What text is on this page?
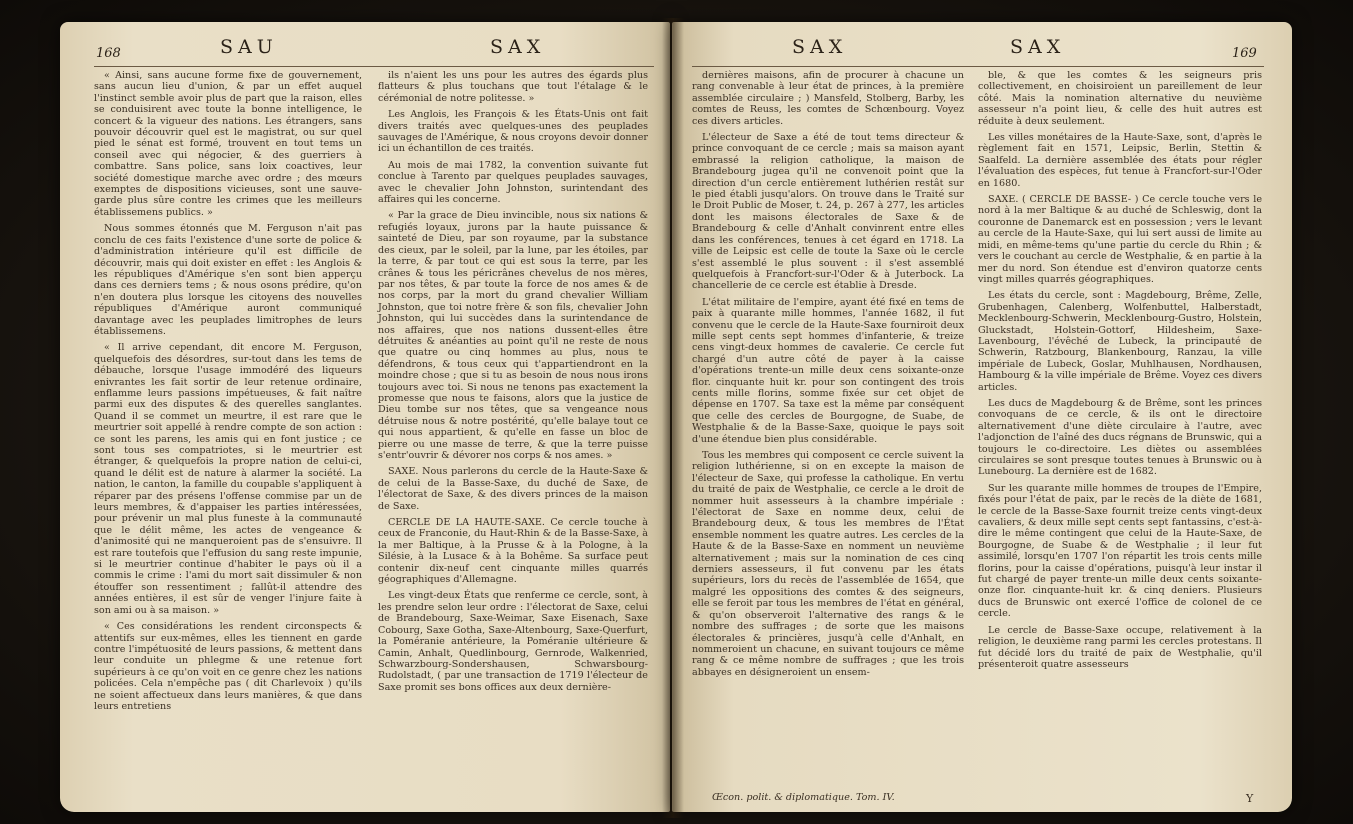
168	SAU	SAX

« Ainsi, sans aucune forme fixe de gouvernement, sans aucun lieu d'union, & par un effet auquel l'instinct semble avoir plus de part que la raison, elles se conduisirent avec toute la bonne intelligence, le concert & la vigueur des nations. Les étrangers, sans pouvoir découvrir quel est le magistrat, ou sur quel pied le sénat est formé, trouvent en tout tems un conseil avec qui négocier, & des guerriers à combattre. Sans police, sans loix coactives, leur société domestique marche avec ordre ; des mœurs exemptes de dispositions vicieuses, sont une sauve-garde plus sûre contre les crimes que les meilleurs établissemens publics. »

Nous sommes étonnés que M. Ferguson n'ait pas conclu de ces faits l'existence d'une sorte de police & d'administration intérieure qu'il est difficile de découvrir, mais qui doit exister en effet : les Anglois & les républiques d'Amérique s'en sont bien apperçu dans ces derniers tems ; & nous osons prédire, qu'on n'en doutera plus lorsque les citoyens des nouvelles républiques d'Amérique auront communiqué davantage avec les peuplades limitrophes de leurs établissemens.

« Il arrive cependant, dit encore M. Ferguson, quelquefois des désordres, sur-tout dans les tems de débauche, lorsque l'usage immodéré des liqueurs enivrantes les fait sortir de leur retenue ordinaire, enflamme leurs passions impétueuses, & fait naître parmi eux des disputes & des querelles sanglantes. Quand il se commet un meurtre, il est rare que le meurtrier soit appellé à rendre compte de son action : ce sont les parens, les amis qui en font justice ; ce sont tous ses compatriotes, si le meurtrier est étranger, & quelquefois la propre nation de celui-ci, quand le délit est de nature à alarmer la société. La nation, le canton, la famille du coupable s'appliquent à réparer par des présens l'offense commise par un de leurs membres, & d'appaiser les parties intéressées, pour prévenir un mal plus funeste à la communauté que le délit même, les actes de vengeance & d'animosité qui ne manqueroient pas de s'ensuivre. Il est rare toutefois que l'effusion du sang reste impunie, si le meurtrier continue d'habiter le pays où il a commis le crime : l'ami du mort sait dissimuler & non étouffer son ressentiment ; fallût-il attendre des années entières, il est sûr de venger l'injure faite à son ami ou à sa maison. »

« Ces considérations les rendent circonspects & attentifs sur eux-mêmes, elles les tiennent en garde contre l'impétuosité de leurs passions, & mettent dans leur conduite un phlegme & une retenue fort supérieurs à ce qu'on voit en ce genre chez les nations policées. Cela n'empêche pas ( dit Charlevoix ) qu'ils ne soient affectueux dans leurs manières, & que dans leurs entretiens

ils n'aient les uns pour les autres des égards plus flatteurs & plus touchans que tout l'étalage & le cérémonial de notre politesse. »

Les Anglois, les François & les États-Unis ont fait divers traités avec quelques-unes des peuplades sauvages de l'Amérique, & nous croyons devoir donner ici un échantillon de ces traités.

Au mois de mai 1782, la convention suivante fut conclue à Tarento par quelques peuplades sauvages, avec le chevalier John Johnston, surintendant des affaires qui les concerne.

« Par la grace de Dieu invincible, nous six nations & refugiés loyaux, jurons par la haute puissance & sainteté de Dieu, par son royaume, par la substance des cieux, par le soleil, par la lune, par les étoiles, par la terre, & par tout ce qui est sous la terre, par les crânes & tous les péricrânes chevelus de nos mères, par nos têtes, & par toute la force de nos ames & de nos corps, par la mort du grand chevalier William Johnston, que toi notre frère & son fils, chevalier John Johnston, qui lui succèdes dans la surintendance de nos affaires, que nos nations dussent-elles être détruites & anéanties au point qu'il ne reste de nous que quatre ou cinq hommes au plus, nous te défendrons, & tous ceux qui t'appartiendront en la moindre chose ; que si tu as besoin de nous nous irons toujours avec toi. Si nous ne tenons pas exactement la promesse que nous te faisons, alors que la justice de Dieu tombe sur nos têtes, que sa vengeance nous détruise nous & notre postérité, qu'elle balaye tout ce qui nous appartient, & qu'elle en fasse un bloc de pierre ou une masse de terre, & que la terre puisse s'entr'ouvrir & dévorer nos corps & nos ames. »

SAXE. Nous parlerons du cercle de la Haute-Saxe & de celui de la Basse-Saxe, du duché de Saxe, de l'électorat de Saxe, & des divers princes de la maison de Saxe.

CERCLE DE LA HAUTE-SAXE. Ce cercle touche à ceux de Franconie, du Haut-Rhin & de la Basse-Saxe, à la mer Baltique, à la Prusse & à la Pologne, à la Silésie, à la Lusace & à la Bohême. Sa surface peut contenir dix-neuf cent cinquante milles quarrés géographiques d'Allemagne.

Les vingt-deux États que renferme ce cercle, sont, à les prendre selon leur ordre : l'électorat de Saxe, celui de Brandebourg, Saxe-Weimar, Saxe Eisenach, Saxe Cobourg, Saxe Gotha, Saxe-Altenbourg, Saxe-Querfurt, la Poméranie antérieure, la Poméranie ultérieure & Camin, Anhalt, Quedlinbourg, Gernrode, Walkenried, Schwarzbourg-Sondershausen, Schwarsbourg-Rudolstadt, ( par une transaction de 1719 l'électeur de Saxe promit ses bons offices aux deux dernière-

SAX	SAX	169

dernières maisons, afin de procurer à chacune un rang convenable à leur état de princes, à la première assemblée circulaire ; ) Mansfeld, Stolberg, Barby, les comtes de Reuss, les comtes de Schœnbourg. Voyez ces divers articles.

L'électeur de Saxe a été de tout tems directeur & prince convoquant de ce cercle ; mais sa maison ayant embrassé la religion catholique, la maison de Brandebourg jugea qu'il ne convenoit point que la direction d'un cercle entièrement luthérien restât sur le pied établi jusqu'alors. On trouve dans le Traité sur le Droit Public de Moser, t. 24, p. 267 à 277, les articles dont les maisons électorales de Saxe & de Brandebourg & celle d'Anhalt convinrent entre elles dans les conférences, tenues à cet égard en 1718. La ville de Leipsic est celle de toute la Saxe où le cercle s'est assemblé le plus souvent : il s'est assemblé quelquefois à Francfort-sur-l'Oder & à Juterbock. La chancellerie de ce cercle est établie à Dresde.

L'état militaire de l'empire, ayant été fixé en tems de paix à quarante mille hommes, l'année 1682, il fut convenu que le cercle de la Haute-Saxe fourniroit deux mille sept cents sept hommes d'infanterie, & treize cens vingt-deux hommes de cavalerie. Ce cercle fut chargé d'un autre côté de payer à la caisse d'opérations trente-un mille deux cens soixante-onze flor. cinquante huit kr. pour son contingent des trois cents mille florins, somme fixée sur cet objet de dépense en 1707. Sa taxe est la même par conséquent que celle des cercles de Bourgogne, de Suabe, de Westphalie & de la Basse-Saxe, quoique le pays soit d'une étendue bien plus considérable.

Tous les membres qui composent ce cercle suivent la religion luthérienne, si on en excepte la maison de l'électeur de Saxe, qui professe la catholique. En vertu du traité de paix de Westphalie, ce cercle a le droit de nommer huit assesseurs à la chambre impériale : l'électorat de Saxe en nomme deux, celui de Brandebourg deux, & tous les membres de l'État ensemble nomment les quatre autres. Les cercles de la Haute & de la Basse-Saxe en nomment un neuvième alternativement ; mais sur la nomination de ces cinq derniers assesseurs, il fut convenu par les états supérieurs, lors du recès de l'assemblée de 1654, que malgré les oppositions des comtes & des seigneurs, elle se feroit par tous les membres de l'état en général, & qu'on observeroit l'alternative des rangs & le nombre des suffrages ; de sorte que les maisons électorales & princières, jusqu'à celle d'Anhalt, en nommeroient un chacune, en suivant toujours ce même rang & ce même nombre de suffrages ; que les trois abbayes en désigneroient un ensem-

ble, & que les comtes & les seigneurs pris collectivement, en choisiroient un pareillement de leur côté. Mais la nomination alternative du neuvième assesseur n'a point lieu, & celle des huit autres est réduite à deux seulement.

Les villes monétaires de la Haute-Saxe, sont, d'après le règlement fait en 1571, Leipsic, Berlin, Stettin & Saalfeld. La dernière assemblée des états pour régler l'évaluation des espèces, fut tenue à Francfort-sur-l'Oder en 1680.

SAXE. ( CERCLE DE BASSE- ) Ce cercle touche vers le nord à la mer Baltique & au duché de Schleswig, dont la couronne de Danemarck est en possession ; vers le levant au cercle de la Haute-Saxe, qui lui sert aussi de limite au midi, en même-tems qu'une partie du cercle du Rhin ; & vers le couchant au cercle de Westphalie, & en partie à la mer du nord. Son étendue est d'environ quatorze cents vingt milles quarrés géographiques.

Les états du cercle, sont : Magdebourg, Brême, Zelle, Grubenhagen, Calenberg, Wolfenbuttel, Halberstadt, Mecklenbourg-Schwerin, Mecklenbourg-Gustro, Holstein, Gluckstadt, Holstein-Gottorf, Hildesheim, Saxe-Lavenbourg, l'évêché de Lubeck, la principauté de Schwerin, Ratzbourg, Blankenbourg, Ranzau, la ville impériale de Lubeck, Goslar, Muhlhausen, Nordhausen, Hambourg & la ville impériale de Brême. Voyez ces divers articles.

Les ducs de Magdebourg & de Brême, sont les princes convoquans de ce cercle, & ils ont le directoire alternativement d'une diète circulaire à l'autre, avec l'adjonction de l'aîné des ducs régnans de Brunswic, qui a toujours le co-directoire. Les diètes ou assemblées circulaires se sont presque toutes tenues à Brunswic ou à Lunebourg. La dernière est de 1682.

Sur les quarante mille hommes de troupes de l'Empire, fixés pour l'état de paix, par le recès de la diète de 1681, le cercle de la Basse-Saxe fournit treize cents vingt-deux cavaliers, & deux mille sept cents sept fantassins, c'est-à-dire le même contingent que celui de la Haute-Saxe, de Bourgogne, de Suabe & de Westphalie ; il leur fut assimilé, lorsqu'en 1707 l'on répartit les trois cents mille florins, pour la caisse d'opérations, puisqu'à leur instar il fut chargé de payer trente-un mille deux cents soixante-onze flor. cinquante-huit kr. & cinq deniers. Plusieurs ducs de Brunswic ont exercé l'office de colonel de ce cercle.

Le cercle de Basse-Saxe occupe, relativement à la religion, le deuxième rang parmi les cercles protestans. Il fut décidé lors du traité de paix de Westphalie, qu'il présenteroit quatre assesseurs

Œcon. polit. & diplomatique. Tom. IV.	Y
